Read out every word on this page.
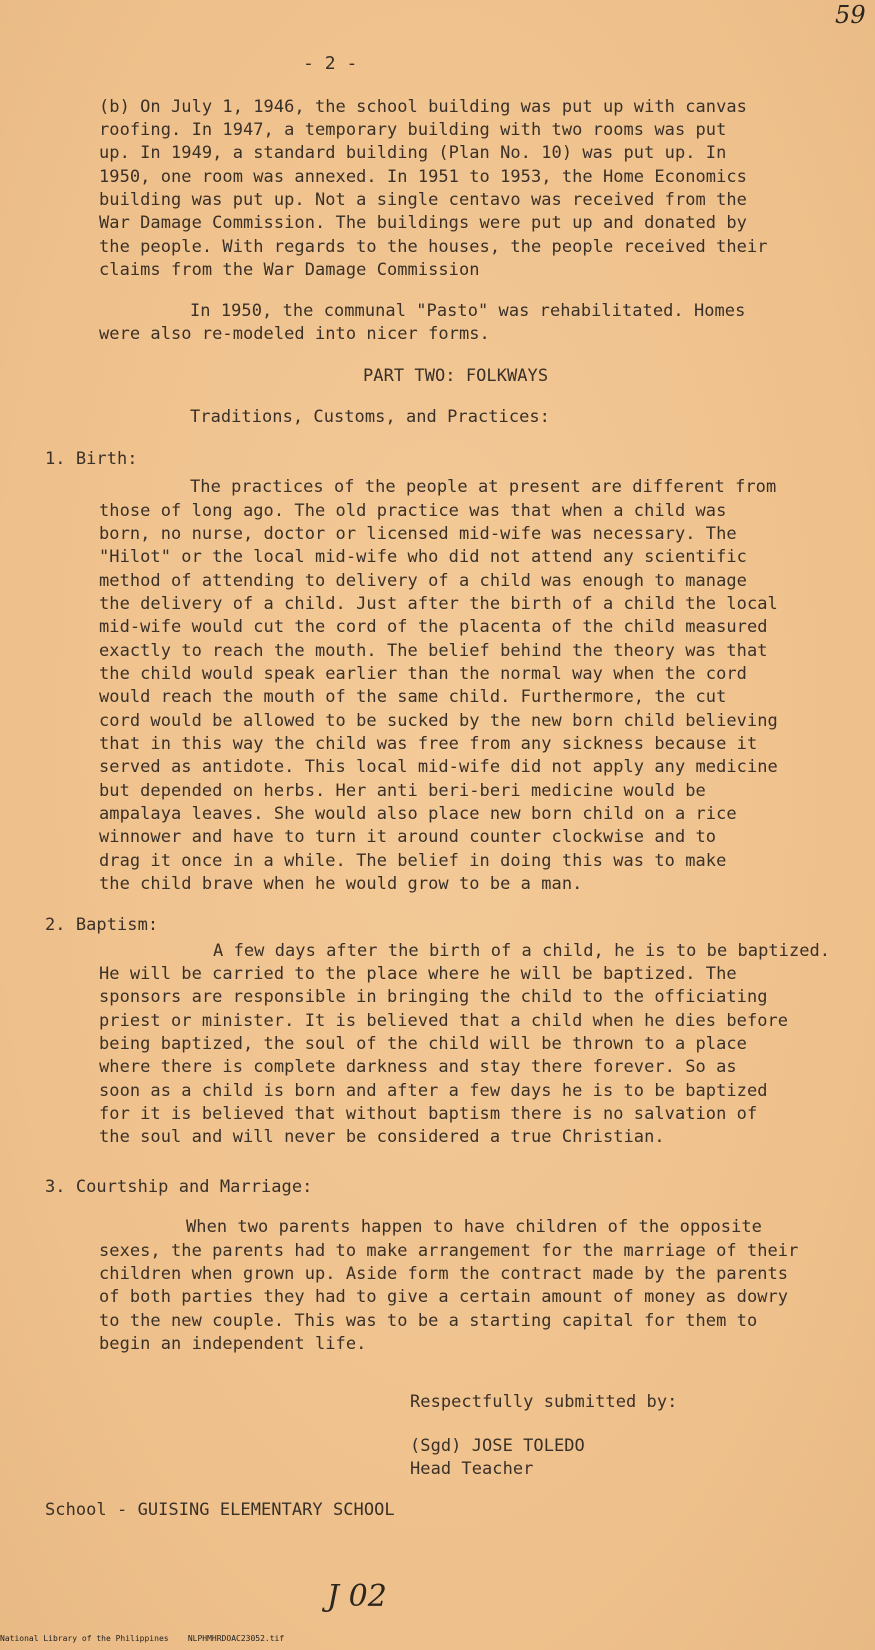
59
- 2 -
(b) On July 1, 1946, the school building was put up with canvas
roofing. In 1947, a temporary building with two rooms was put
up. In 1949, a standard building (Plan No. 10) was put up. In
1950, one room was annexed. In 1951 to 1953, the Home Economics
building was put up. Not a single centavo was received from the
War Damage Commission. The buildings were put up and donated by
the people. With regards to the houses, the people received their
claims from the War Damage Commission
In 1950, the communal "Pasto" was rehabilitated. Homes
were also re-modeled into nicer forms.
PART TWO: FOLKWAYS
Traditions, Customs, and Practices:
1. Birth:
The practices of the people at present are different from
those of long ago. The old practice was that when a child was
born, no nurse, doctor or licensed mid-wife was necessary. The
"Hilot" or the local mid-wife who did not attend any scientific
method of attending to delivery of a child was enough to manage
the delivery of a child. Just after the birth of a child the local
mid-wife would cut the cord of the placenta of the child measured
exactly to reach the mouth. The belief behind the theory was that
the child would speak earlier than the normal way when the cord
would reach the mouth of the same child. Furthermore, the cut
cord would be allowed to be sucked by the new born child believing
that in this way the child was free from any sickness because it
served as antidote. This local mid-wife did not apply any medicine
but depended on herbs. Her anti beri-beri medicine would be
ampalaya leaves. She would also place new born child on a rice
winnower and have to turn it around counter clockwise and to
drag it once in a while. The belief in doing this was to make
the child brave when he would grow to be a man.
2. Baptism:
A few days after the birth of a child, he is to be baptized.
He will be carried to the place where he will be baptized. The
sponsors are responsible in bringing the child to the officiating
priest or minister. It is believed that a child when he dies before
being baptized, the soul of the child will be thrown to a place
where there is complete darkness and stay there forever. So as
soon as a child is born and after a few days he is to be baptized
for it is believed that without baptism there is no salvation of
the soul and will never be considered a true Christian.
3. Courtship and Marriage:
When two parents happen to have children of the opposite
sexes, the parents had to make arrangement for the marriage of their
children when grown up. Aside form the contract made by the parents
of both parties they had to give a certain amount of money as dowry
to the new couple. This was to be a starting capital for them to
begin an independent life.
Respectfully submitted by:
(Sgd) JOSE TOLEDO
Head Teacher
School - GUISING ELEMENTARY SCHOOL
J 02
National Library of the Philippines    NLPHMHRDOAC23052.tif
